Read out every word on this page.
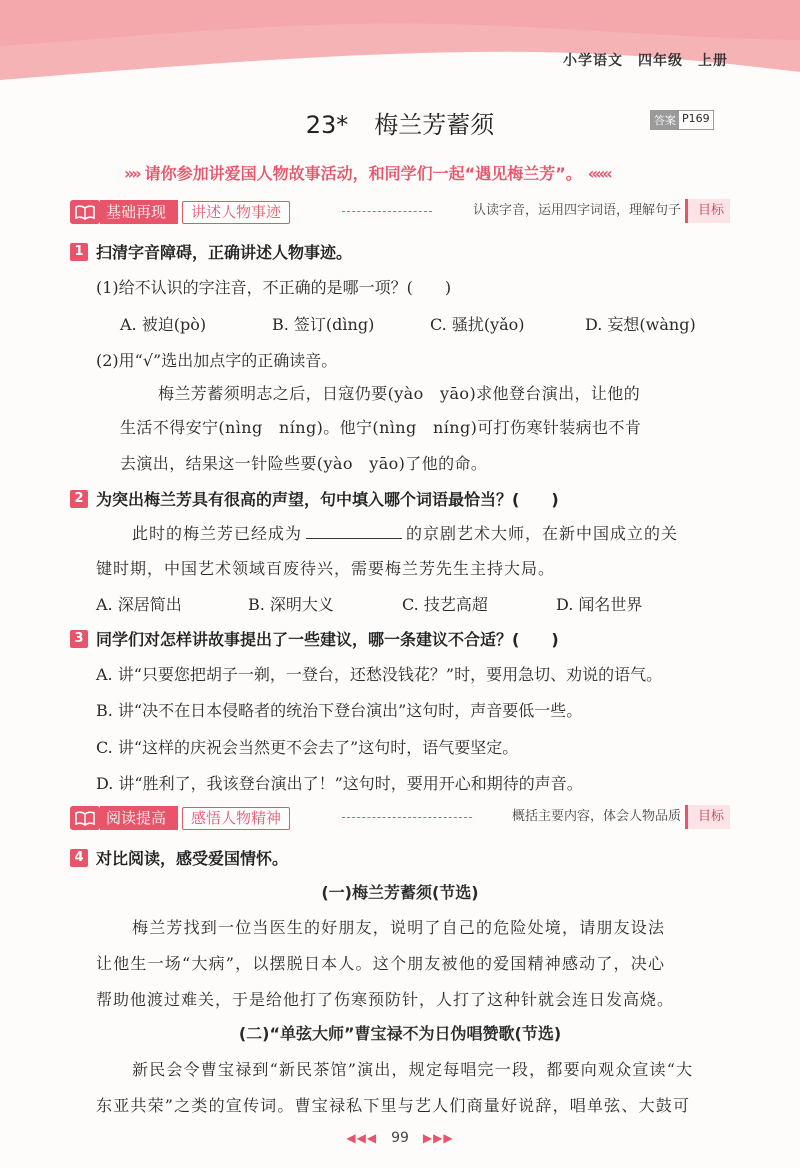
小学语文　四年级　上册
23* 梅兰芳蓄须	答案 P169
»» 请你参加讲爱国人物故事活动，和同学们一起“遇见梅兰芳”。 «««
基础再现	讲述人物事迹	认读字音，运用四字词语，理解句子 目标
1 扫清字音障碍，正确讲述人物事迹。
(1)给不认识的字注音，不正确的是哪一项？(　　)
A. 被迫(pò)	B. 签订(dìng)	C. 骚扰(yǎo)	D. 妄想(wàng)
(2)用“√”选出加点字的正确读音。
梅兰芳蓄须明志之后，日寇仍要(yào　yāo)求他登台演出，让他的
生活不得安宁(nìng　níng)。他宁(nìng　níng)可打伤寒针装病也不肯
去演出，结果这一针险些要(yào　yāo)了他的命。
2 为突出梅兰芳具有很高的声望，句中填入哪个词语最恰当？(　　)
此时的梅兰芳已经成为	的京剧艺术大师，在新中国成立的关
键时期，中国艺术领域百废待兴，需要梅兰芳先生主持大局。
A. 深居简出	B. 深明大义	C. 技艺高超	D. 闻名世界
3 同学们对怎样讲故事提出了一些建议，哪一条建议不合适？(　　)
A. 讲“只要您把胡子一剃，一登台，还愁没钱花？”时，要用急切、劝说的语气。
B. 讲“决不在日本侵略者的统治下登台演出”这句时，声音要低一些。
C. 讲“这样的庆祝会当然更不会去了”这句时，语气要坚定。
D. 讲“胜利了，我该登台演出了！”这句时，要用开心和期待的声音。
阅读提高	感悟人物精神	概括主要内容，体会人物品质 目标
4 对比阅读，感受爱国情怀。
(一)梅兰芳蓄须(节选)
梅兰芳找到一位当医生的好朋友，说明了自己的危险处境，请朋友设法
让他生一场“大病”，以摆脱日本人。这个朋友被他的爱国精神感动了，决心
帮助他渡过难关，于是给他打了伤寒预防针，人打了这种针就会连日发高烧。
(二)“单弦大师”曹宝禄不为日伪唱赞歌(节选)
新民会令曹宝禄到“新民茶馆”演出，规定每唱完一段，都要向观众宣读“大
东亚共荣”之类的宣传词。曹宝禄私下里与艺人们商量好说辞，唱单弦、大鼓可
◀◀◀ 99 ▶▶▶
